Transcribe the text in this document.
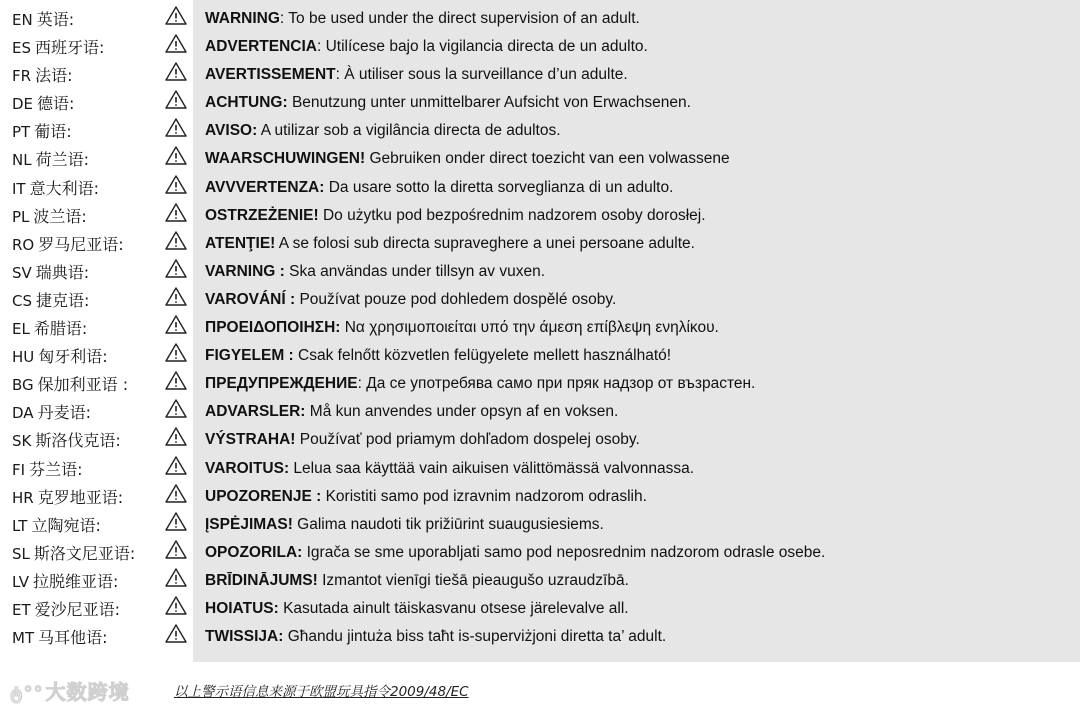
EN 英语:	WARNING: To be used under the direct supervision of an adult.
ES 西班牙语:	ADVERTENCIA: Utilícese bajo la vigilancia directa de un adulto.
FR 法语:	AVERTISSEMENT: À utiliser sous la surveillance d’un adulte.
DE 德语:	ACHTUNG: Benutzung unter unmittelbarer Aufsicht von Erwachsenen.
PT 葡语:	AVISO: A utilizar sob a vigilância directa de adultos.
NL 荷兰语:	WAARSCHUWINGEN! Gebruiken onder direct toezicht van een volwassene
IT 意大利语:	AVVVERTENZA: Da usare sotto la diretta sorveglianza di un adulto.
PL 波兰语:	OSTRZEŻENIE! Do użytku pod bezpośrednim nadzorem osoby dorosłej.
RO 罗马尼亚语:	ATENŢIE! A se folosi sub directa supraveghere a unei persoane adulte.
SV 瑞典语:	VARNING : Ska användas under tillsyn av vuxen.
CS 捷克语:	VAROVÁNÍ : Používat pouze pod dohledem dospělé osoby.
EL 希腊语:	ΠΡΟΕΙΔΟΠΟΙΗΣΗ: Να χρησιμοποιείται υπό την άμεση επίβλεψη ενηλίκου.
HU 匈牙利语:	FIGYELEM : Csak felnőtt közvetlen felügyelete mellett használható!
BG 保加利亚语 :	ПРЕДУПРЕЖДЕНИЕ: Да се употребява само при пряк надзор от възрастен.
DA 丹麦语:	ADVARSLER: Må kun anvendes under opsyn af en voksen.
SK 斯洛伐克语:	VÝSTRAHA! Používať pod priamym dohľadom dospelej osoby.
FI 芬兰语:	VAROITUS: Lelua saa käyttää vain aikuisen välittömässä valvonnassa.
HR 克罗地亚语:	UPOZORENJE : Koristiti samo pod izravnim nadzorom odraslih.
LT 立陶宛语:	ĮSPĖJIMAS! Galima naudoti tik prižiūrint suaugusiesiems.
SL 斯洛文尼亚语:	OPOZORILA: Igrača se sme uporabljati samo pod neposrednim nadzorom odrasle osebe.
LV 拉脱维亚语:	BRĪDINĀJUMS! Izmantot vienīgi tiešā pieaugušo uzraudzībā.
ET 爱沙尼亚语:	HOIATUS: Kasutada ainult täiskasvanu otsese järelevalve all.
MT 马耳他语:	TWISSIJA: Għandu jintuża biss taħt is-superviżjoni diretta ta’ adult.
ტ°° 大数跨境	以上警示语信息来源于欧盟玩具指令2009/48/EC
